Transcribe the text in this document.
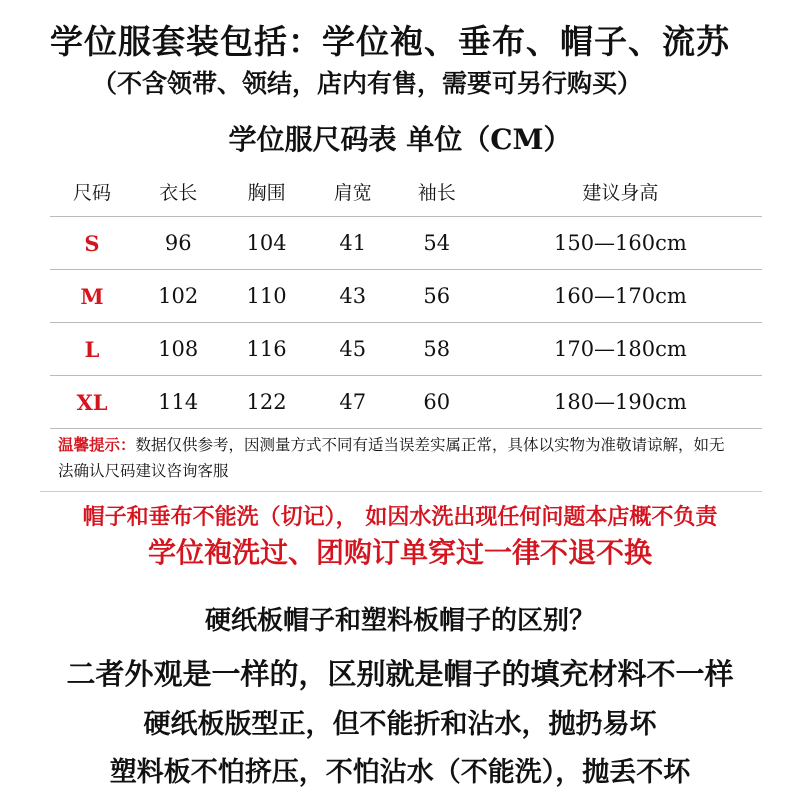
学位服套装包括：学位袍、垂布、帽子、流苏
（不含领带、领结，店内有售，需要可另行购买）
学位服尺码表 单位（CM）
尺码	衣长	胸围	肩宽	袖长	建议身高
S	96	104	41	54	150—160cm
M	102	110	43	56	160—170cm
L	108	116	45	58	170—180cm
XL	114	122	47	60	180—190cm
温馨提示：数据仅供参考，因测量方式不同有适当误差实属正常，具体以实物为准敬请谅解，如无法确认尺码建议咨询客服
帽子和垂布不能洗（切记）， 如因水洗出现任何问题本店概不负责
学位袍洗过、团购订单穿过一律不退不换
硬纸板帽子和塑料板帽子的区别？
二者外观是一样的，区别就是帽子的填充材料不一样
硬纸板版型正，但不能折和沾水，抛扔易坏
塑料板不怕挤压，不怕沾水（不能洗），抛丢不坏
